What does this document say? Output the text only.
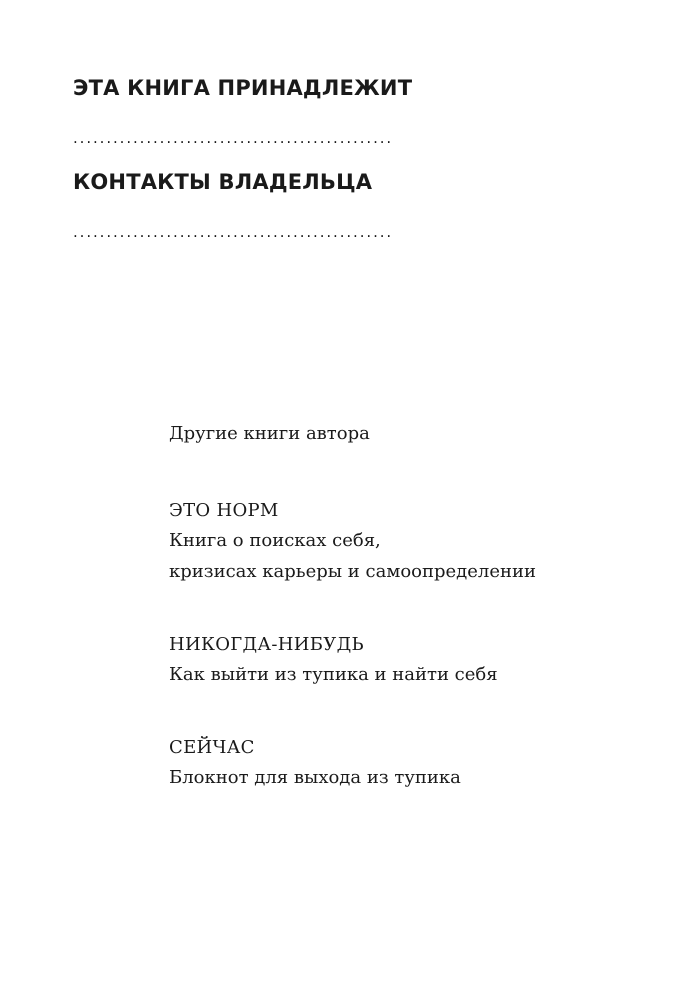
ЭТА КНИГА ПРИНАДЛЕЖИТ
................................................
КОНТАКТЫ ВЛАДЕЛЬЦА
................................................

Другие книги автора

ЭТО НОРМ

Книга о поисках себя,

кризисах карьеры и самоопределении

НИКОГДА-НИБУДЬ

Как выйти из тупика и найти себя

СЕЙЧАС

Блокнот для выхода из тупика
